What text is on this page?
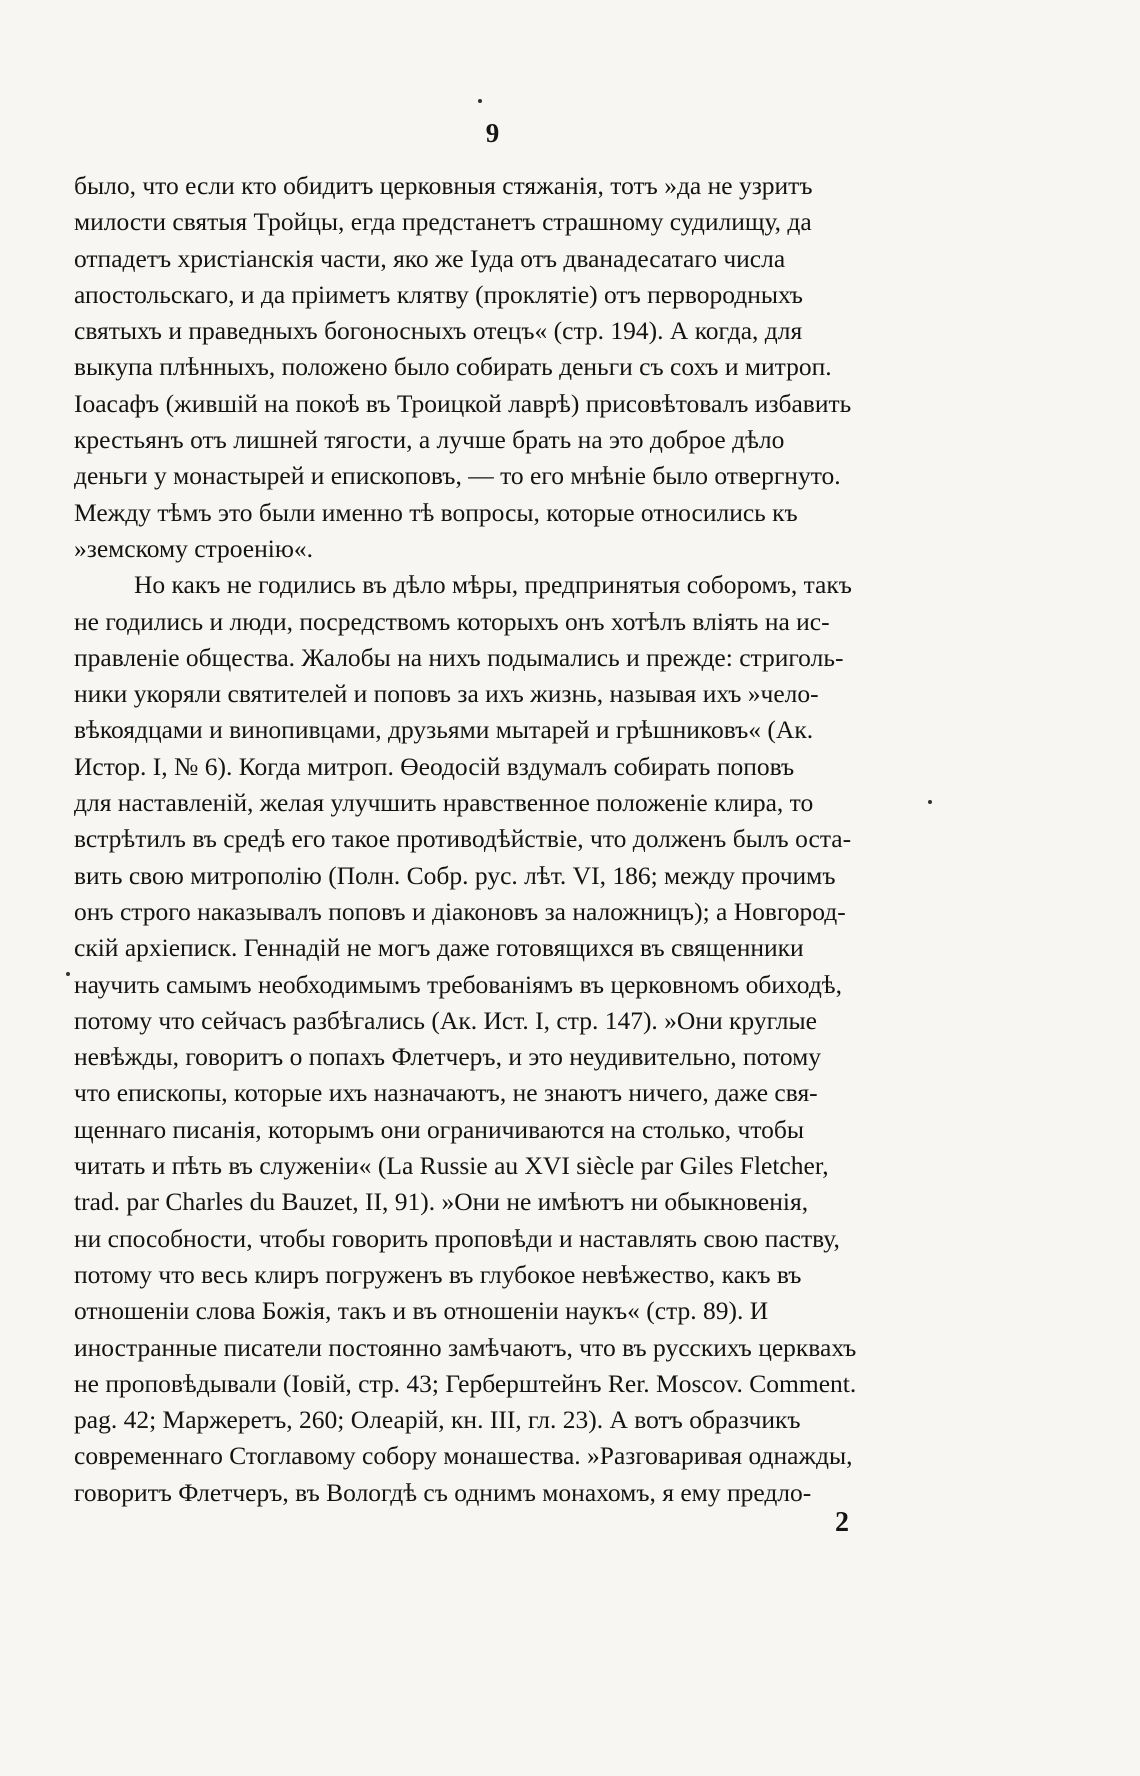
9
было, что если кто обидитъ церковныя стяжанія, тотъ »да не узритъ
милости святыя Тройцы, егда предстанетъ страшному судилищу, да
отпадетъ христіанскія части, яко же Іуда отъ дванадесатаго числа
апостольскаго, и да пріиметъ клятву (проклятіе) отъ первородныхъ
святыхъ и праведныхъ богоносныхъ отецъ« (стр. 194). А когда, для
выкупа плѣнныхъ, положено было собирать деньги съ сохъ и митроп.
Іоасафъ (жившій на покоѣ въ Троицкой лаврѣ) присовѣтовалъ избавить
крестьянъ отъ лишней тягости, а лучше брать на это доброе дѣло
деньги у монастырей и епископовъ, — то его мнѣніе было отвергнуто.
Между тѣмъ это были именно тѣ вопросы, которые относились къ
»земскому строенію«.
Но какъ не годились въ дѣло мѣры, предпринятыя соборомъ, такъ
не годились и люди, посредствомъ которыхъ онъ хотѣлъ вліять на ис-
правленіе общества. Жалобы на нихъ подымались и прежде: стриголь-
ники укоряли святителей и поповъ за ихъ жизнь, называя ихъ »чело-
вѣкоядцами и винопивцами, друзьями мытарей и грѣшниковъ« (Ак.
Истор. I, № 6). Когда митроп. Өеодосій вздумалъ собирать поповъ
для наставленій, желая улучшить нравственное положеніе клира, то
встрѣтилъ въ средѣ его такое противодѣйствіе, что долженъ былъ оста-
вить свою митрополію (Полн. Собр. рус. лѣт. VI, 186; между прочимъ
онъ строго наказывалъ поповъ и діаконовъ за наложницъ); а Новгород-
скій архіеписк. Геннадій не могъ даже готовящихся въ священники
научить самымъ необходимымъ требованіямъ въ церковномъ обиходѣ,
потому что сейчасъ разбѣгались (Ак. Ист. I, стр. 147). »Они круглые
невѣжды, говоритъ о попахъ Флетчеръ, и это неудивительно, потому
что епископы, которые ихъ назначаютъ, не знаютъ ничего, даже свя-
щеннаго писанія, которымъ они ограничиваются на столько, чтобы
читать и пѣть въ служеніи« (La Russie au XVI siècle par Giles Fletcher,
trad. par Charles du Bauzet, II, 91). »Они не имѣютъ ни обыкновенія,
ни способности, чтобы говорить проповѣди и наставлять свою паству,
потому что весь клиръ погруженъ въ глубокое невѣжество, какъ въ
отношеніи слова Божія, такъ и въ отношеніи наукъ« (стр. 89). И
иностранные писатели постоянно замѣчаютъ, что въ русскихъ церквахъ
не проповѣдывали (Іовій, стр. 43; Герберштейнъ Rer. Moscov. Comment.
pag. 42; Маржеретъ, 260; Олеарій, кн. III, гл. 23). А вотъ образчикъ
современнаго Стоглавому собору монашества. »Разговаривая однажды,
говоритъ Флетчеръ, въ Вологдѣ съ однимъ монахомъ, я ему предло-
2
